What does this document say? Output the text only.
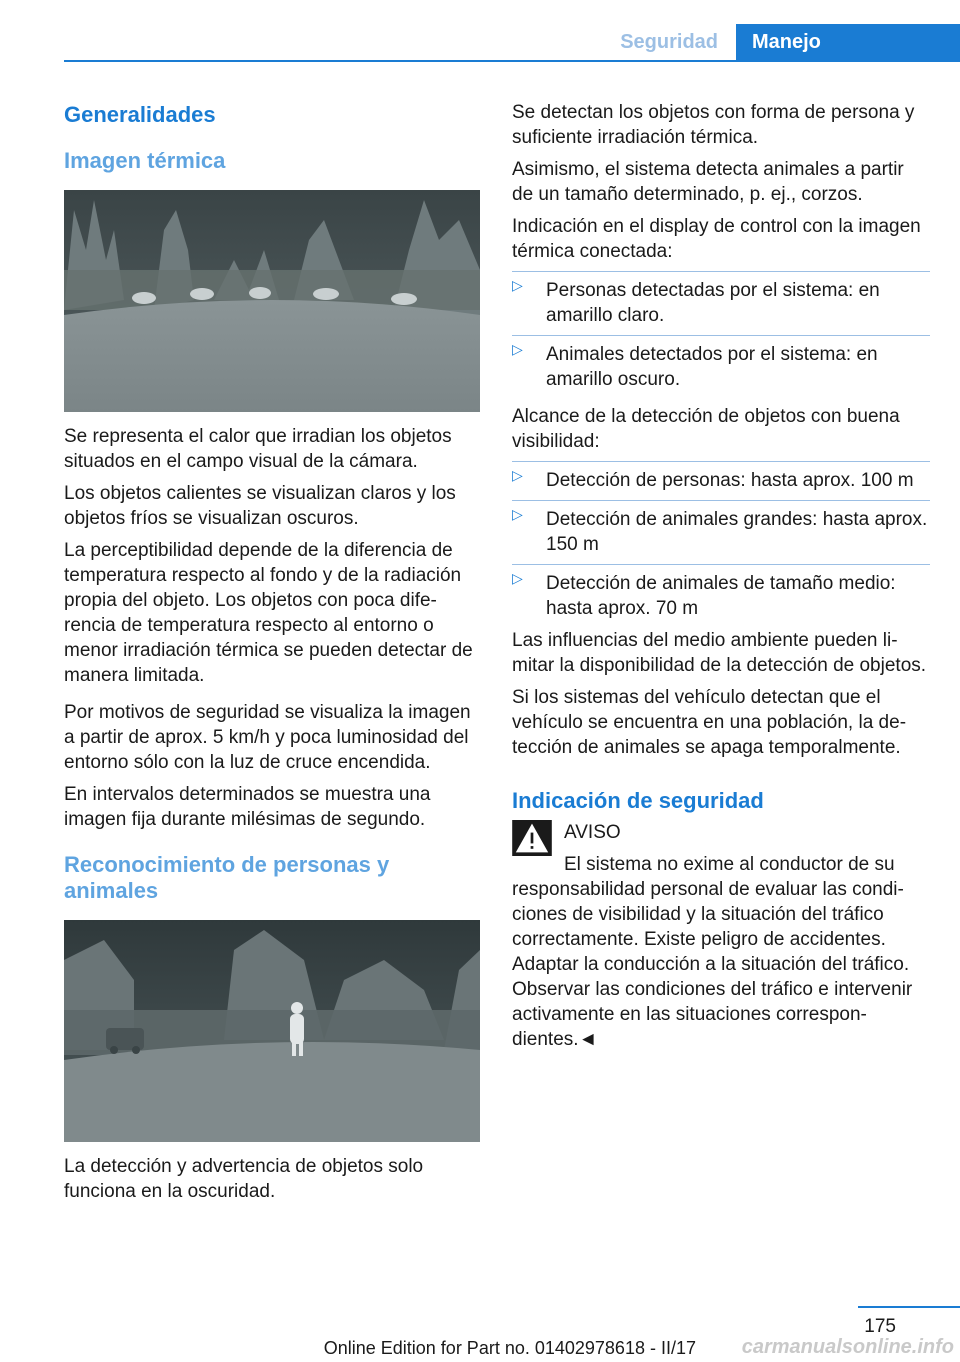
Seguridad	Manejo
Generalidades
Imagen térmica

Se representa el calor que irradian los objetos situados en el campo visual de la cámara.

Los objetos calientes se visualizan claros y los objetos fríos se visualizan oscuros.

La perceptibilidad depende de la diferencia de temperatura respecto al fondo y de la radiación propia del objeto. Los objetos con poca diferencia de temperatura respecto al entorno o menor irradiación térmica se pueden detectar de manera limitada.

Por motivos de seguridad se visualiza la imagen a partir de aprox. 5 km/h y poca luminosidad del entorno sólo con la luz de cruce encendida.

En intervalos determinados se muestra una imagen fija durante milésimas de segundo.

Reconocimiento de personas y animales

La detección y advertencia de objetos solo funciona en la oscuridad.

Se detectan los objetos con forma de persona y suficiente irradiación térmica.

Asimismo, el sistema detecta animales a partir de un tamaño determinado, p. ej., corzos.

Indicación en el display de control con la imagen térmica conectada:

▷ Personas detectadas por el sistema: en amarillo claro.
▷ Animales detectados por el sistema: en amarillo oscuro.

Alcance de la detección de objetos con buena visibilidad:

▷ Detección de personas: hasta aprox. 100 m
▷ Detección de animales grandes: hasta aprox. 150 m
▷ Detección de animales de tamaño medio: hasta aprox. 70 m

Las influencias del medio ambiente pueden limitar la disponibilidad de la detección de objetos.

Si los sistemas del vehículo detectan que el vehículo se encuentra en una población, la detección de animales se apaga temporalmente.

Indicación de seguridad
AVISO
El sistema no exime al conductor de su
responsabilidad personal de evaluar las condiciones de visibilidad y la situación del tráfico correctamente. Existe peligro de accidentes. Adaptar la conducción a la situación del tráfico. Observar las condiciones del tráfico e intervenir activamente en las situaciones correspondientes.◄
175
Online Edition for Part no. 01402978618 - II/17 carmanualsonline.info
